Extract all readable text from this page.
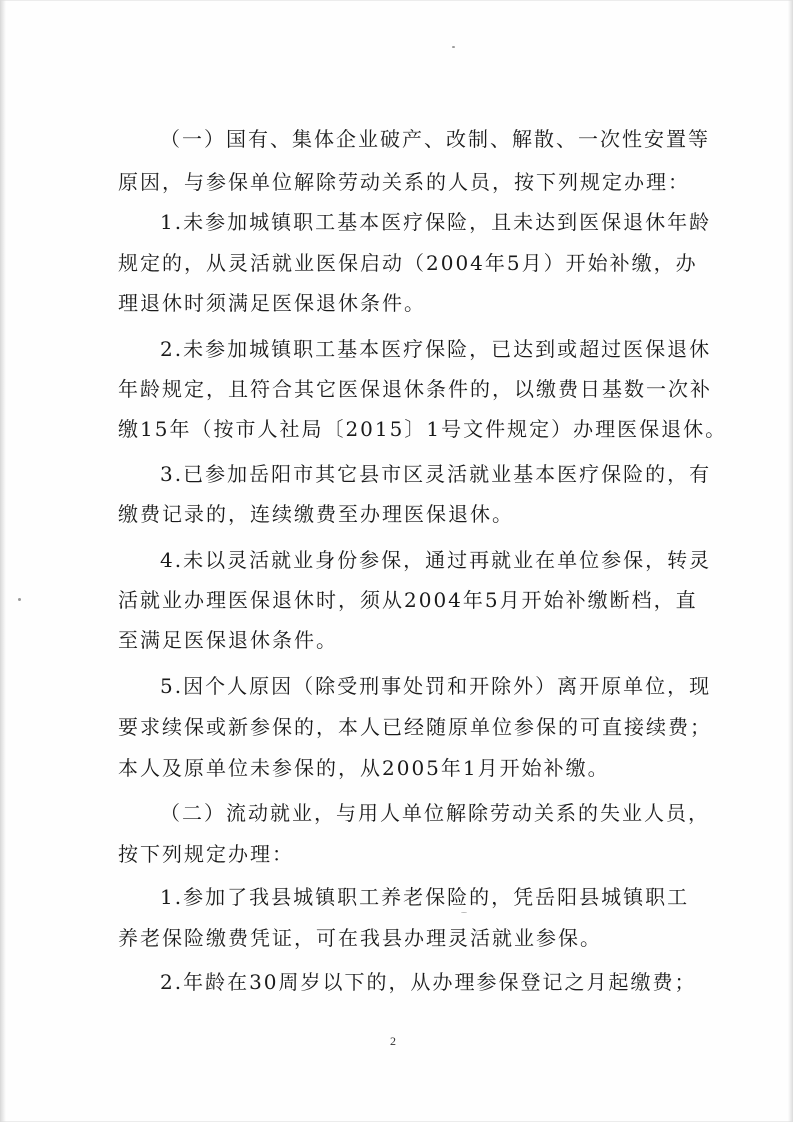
（一）国有、集体企业破产、改制、解散、一次性安置等
原因，与参保单位解除劳动关系的人员，按下列规定办理：
1.未参加城镇职工基本医疗保险，且未达到医保退休年龄
规定的，从灵活就业医保启动（2004年5月）开始补缴，办
理退休时须满足医保退休条件。
2.未参加城镇职工基本医疗保险，已达到或超过医保退休
年龄规定，且符合其它医保退休条件的，以缴费日基数一次补
缴15年（按市人社局〔2015〕1号文件规定）办理医保退休。
3.已参加岳阳市其它县市区灵活就业基本医疗保险的，有
缴费记录的，连续缴费至办理医保退休。
4.未以灵活就业身份参保，通过再就业在单位参保，转灵
活就业办理医保退休时，须从2004年5月开始补缴断档，直
至满足医保退休条件。
5.因个人原因（除受刑事处罚和开除外）离开原单位，现
要求续保或新参保的，本人已经随原单位参保的可直接续费；
本人及原单位未参保的，从2005年1月开始补缴。
（二）流动就业，与用人单位解除劳动关系的失业人员，
按下列规定办理：
1.参加了我县城镇职工养老保险的，凭岳阳县城镇职工
养老保险缴费凭证，可在我县办理灵活就业参保。
2.年龄在30周岁以下的，从办理参保登记之月起缴费；
2
